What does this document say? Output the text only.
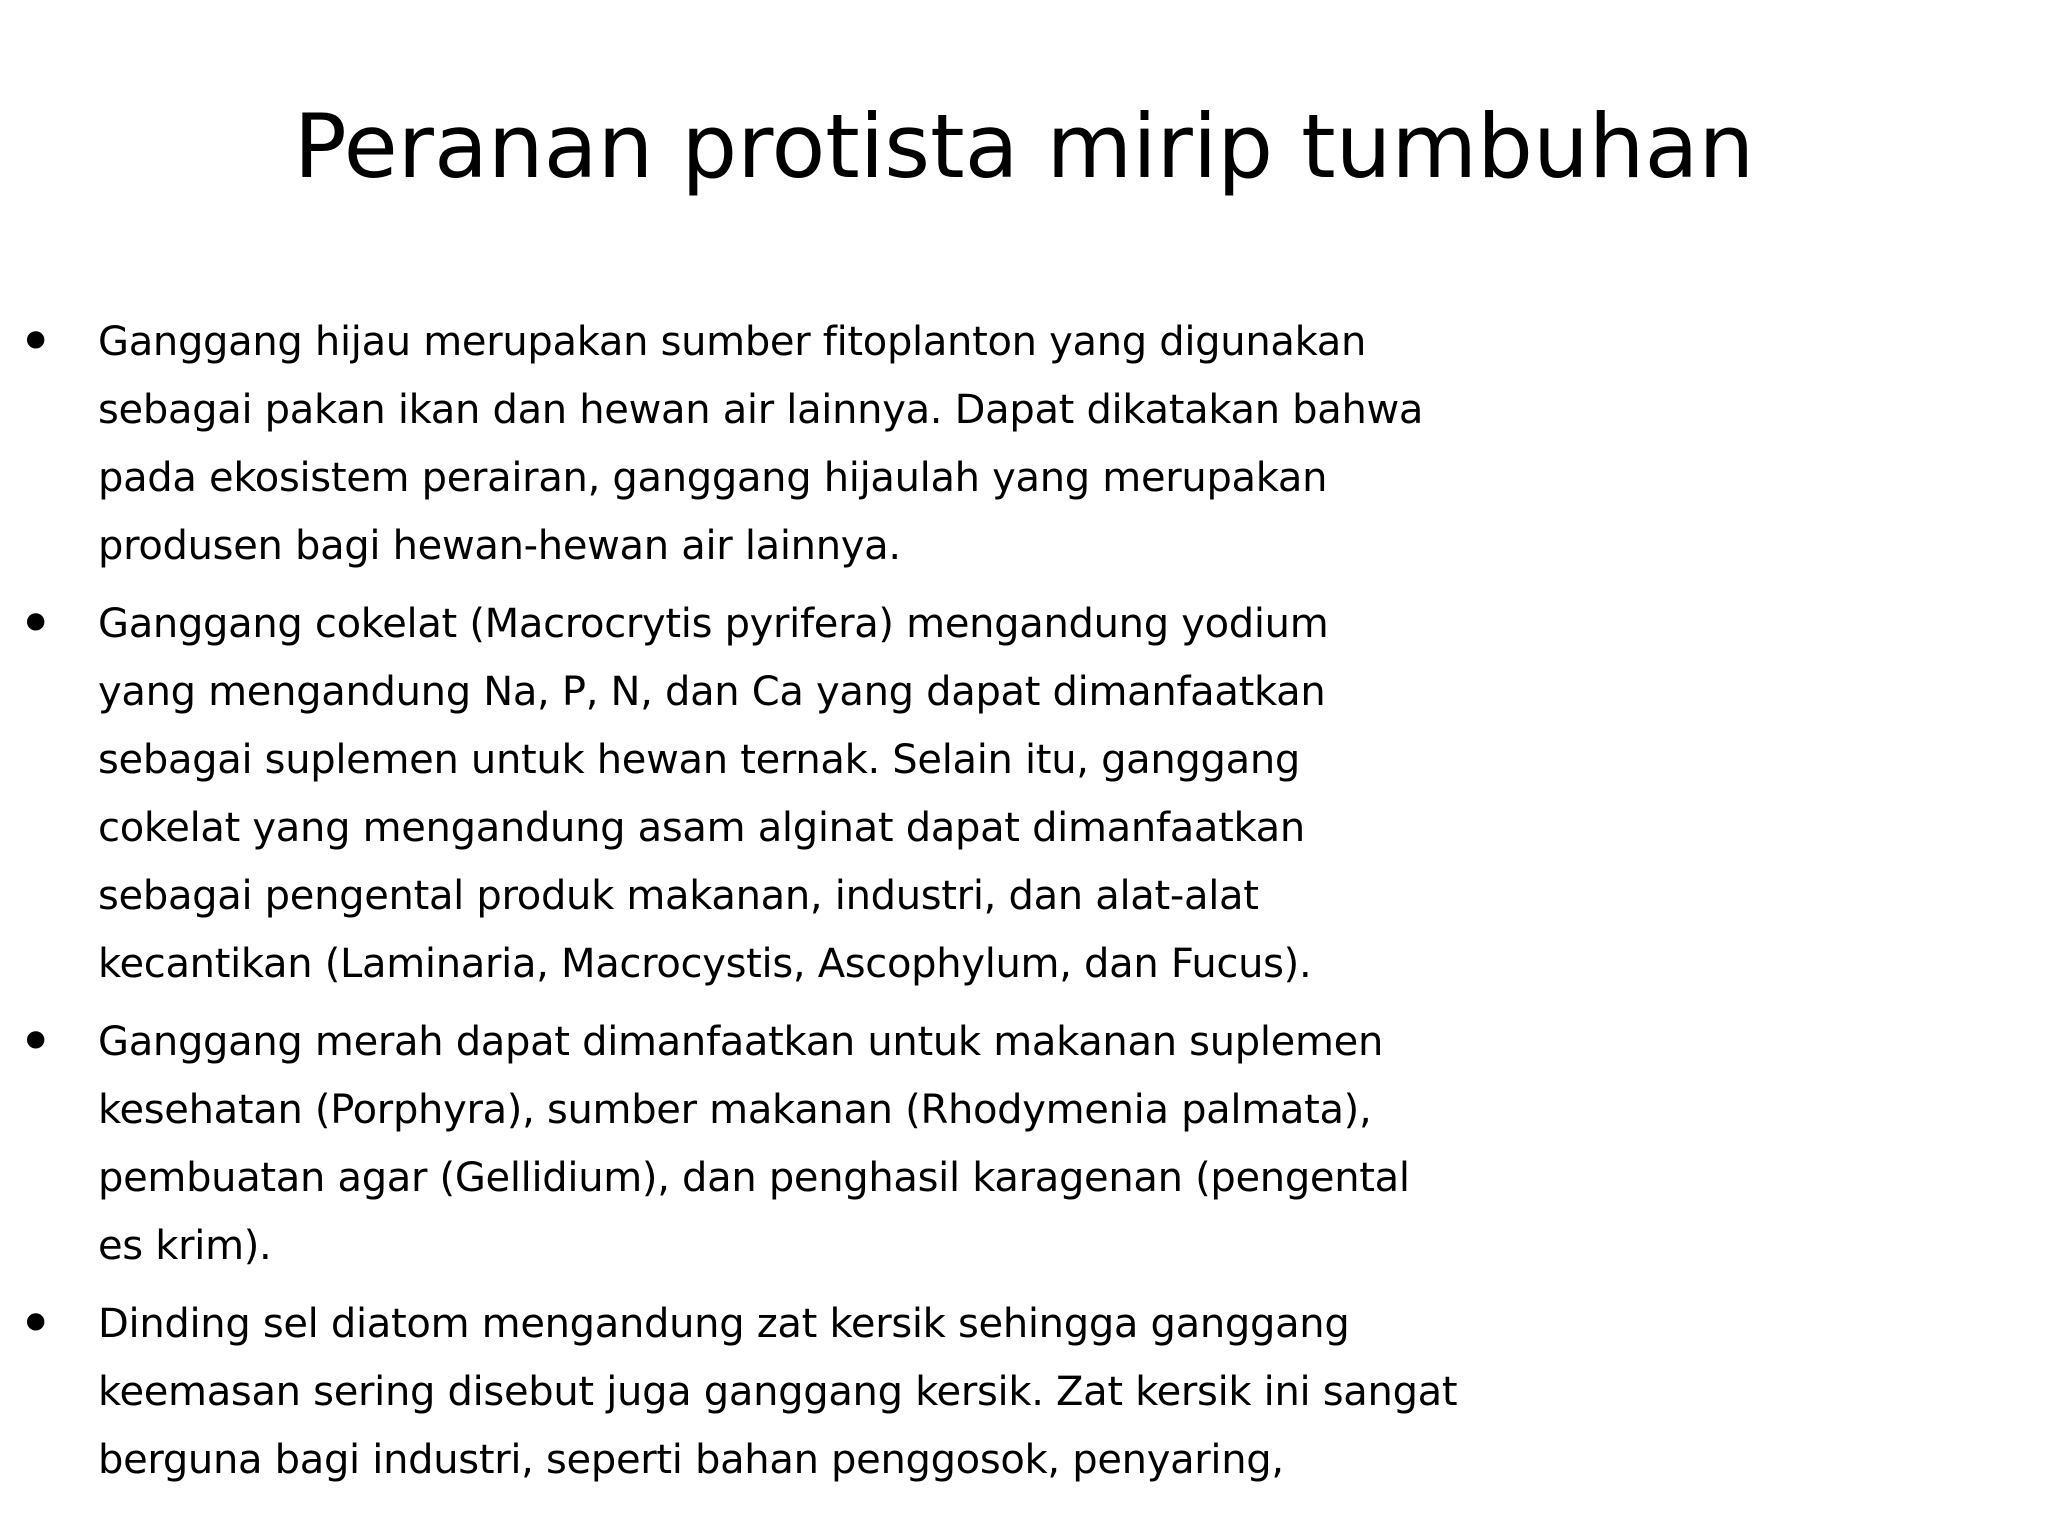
Peranan protista mirip tumbuhan
• Ganggang hijau merupakan sumber fitoplanton yang digunakan
sebagai pakan ikan dan hewan air lainnya. Dapat dikatakan bahwa
pada ekosistem perairan, ganggang hijaulah yang merupakan
produsen bagi hewan-hewan air lainnya.
• Ganggang cokelat (Macrocrytis pyrifera) mengandung yodium
yang mengandung Na, P, N, dan Ca yang dapat dimanfaatkan
sebagai suplemen untuk hewan ternak. Selain itu, ganggang
cokelat yang mengandung asam alginat dapat dimanfaatkan
sebagai pengental produk makanan, industri, dan alat-alat
kecantikan (Laminaria, Macrocystis, Ascophylum, dan Fucus).
• Ganggang merah dapat dimanfaatkan untuk makanan suplemen
kesehatan (Porphyra), sumber makanan (Rhodymenia palmata),
pembuatan agar (Gellidium), dan penghasil karagenan (pengental
es krim).
• Dinding sel diatom mengandung zat kersik sehingga ganggang
keemasan sering disebut juga ganggang kersik. Zat kersik ini sangat
berguna bagi industri, seperti bahan penggosok, penyaring,
